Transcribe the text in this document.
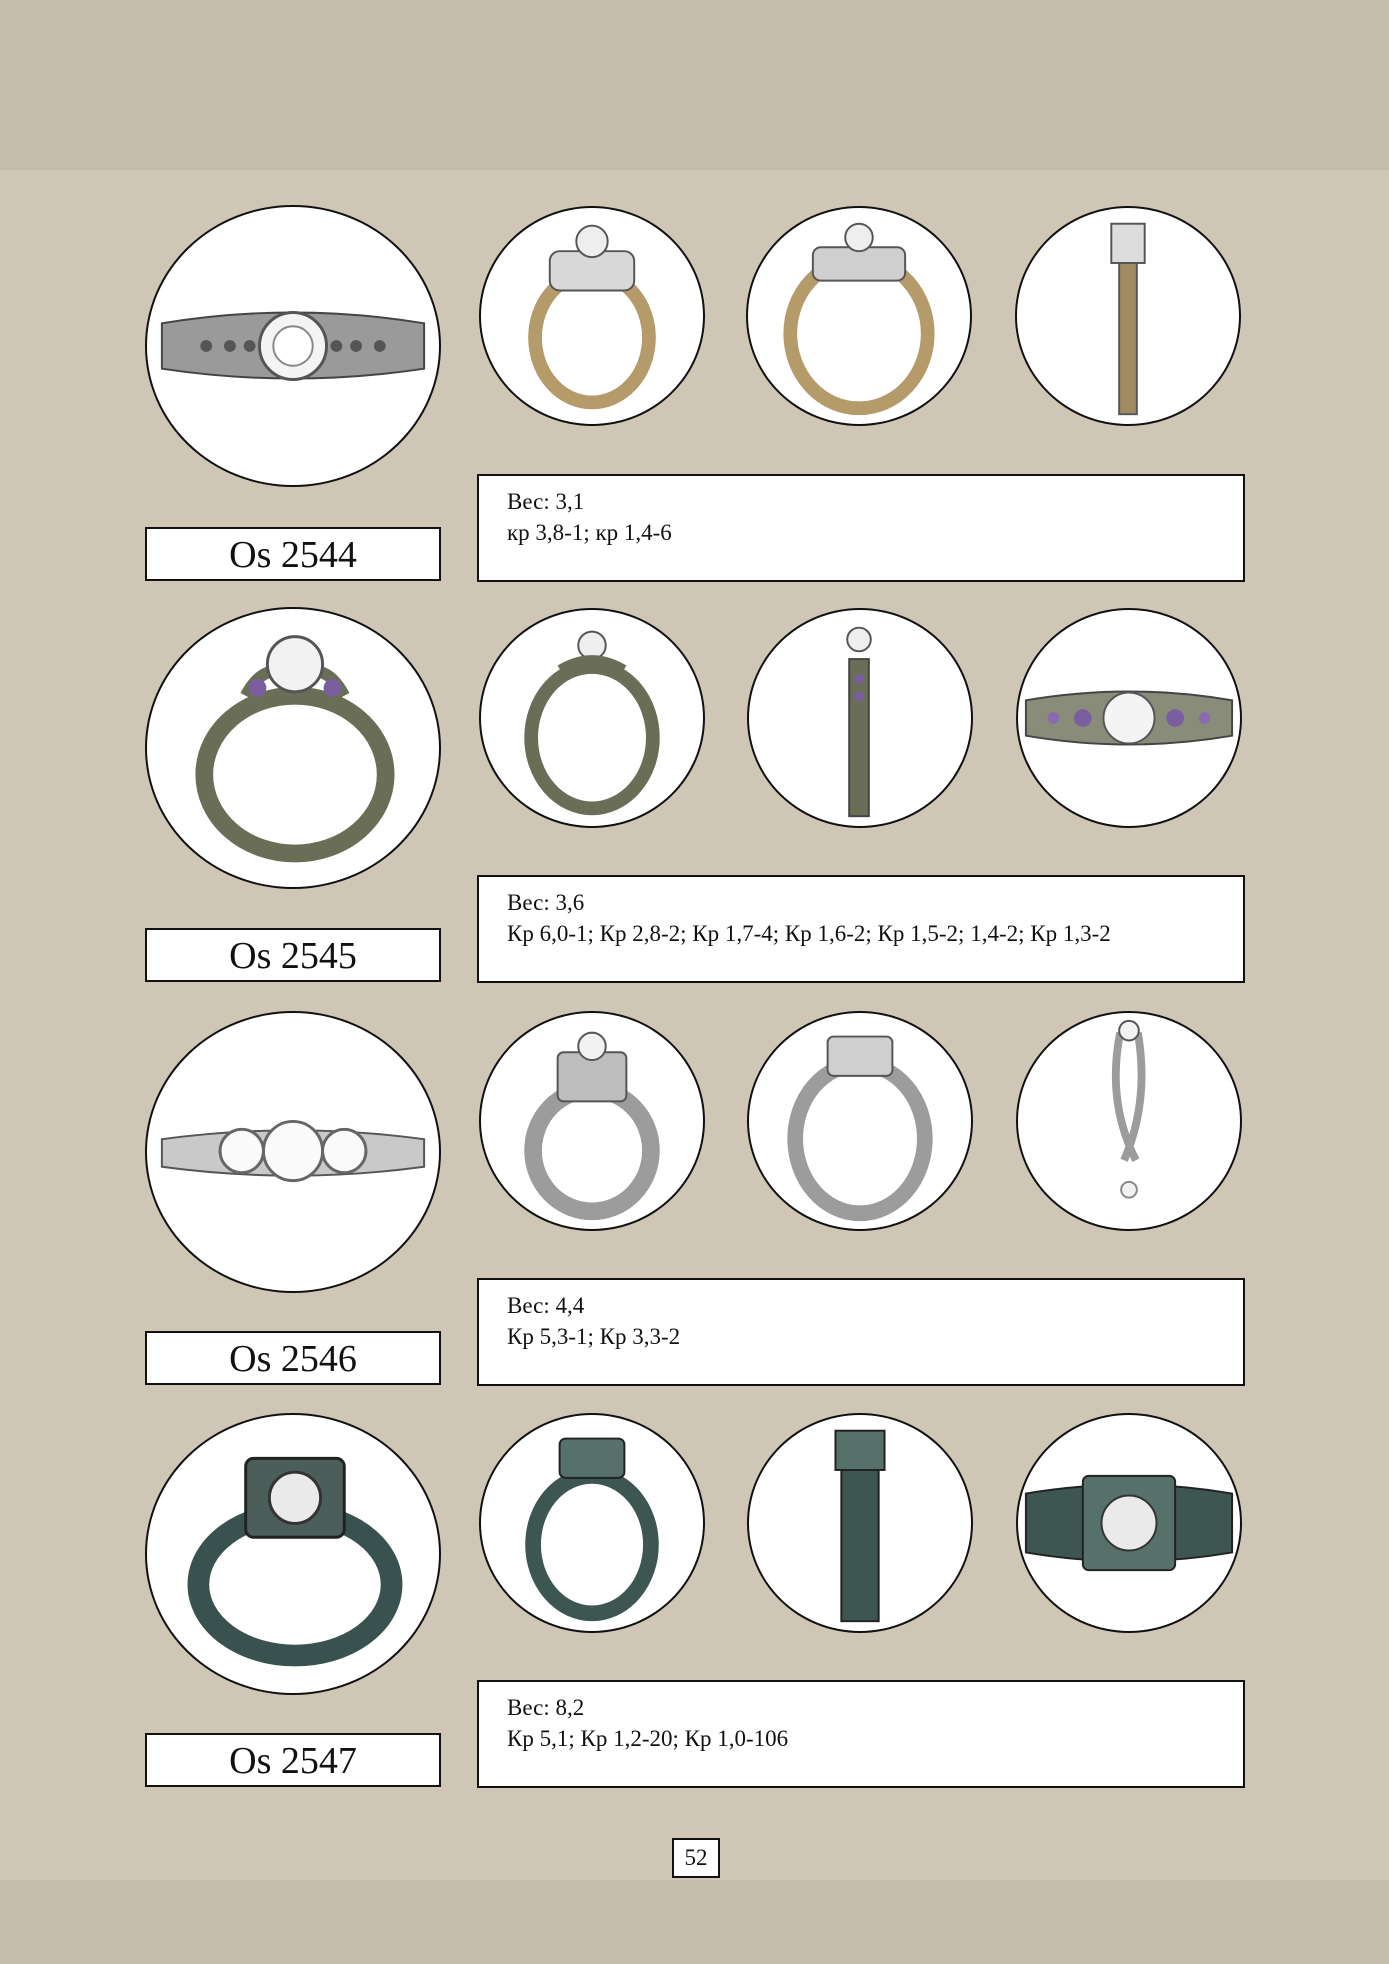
Os 2544
Вес: 3,1
кр 3,8-1; кр 1,4-6
Os 2545
Вес: 3,6
Кр 6,0-1; Кр 2,8-2; Кр 1,7-4; Кр 1,6-2; Кр 1,5-2; 1,4-2; Кр 1,3-2
Os 2546
Вес: 4,4
Кр 5,3-1; Кр 3,3-2
Os 2547
Вес: 8,2
Кр 5,1; Кр 1,2-20; Кр 1,0-106
52
